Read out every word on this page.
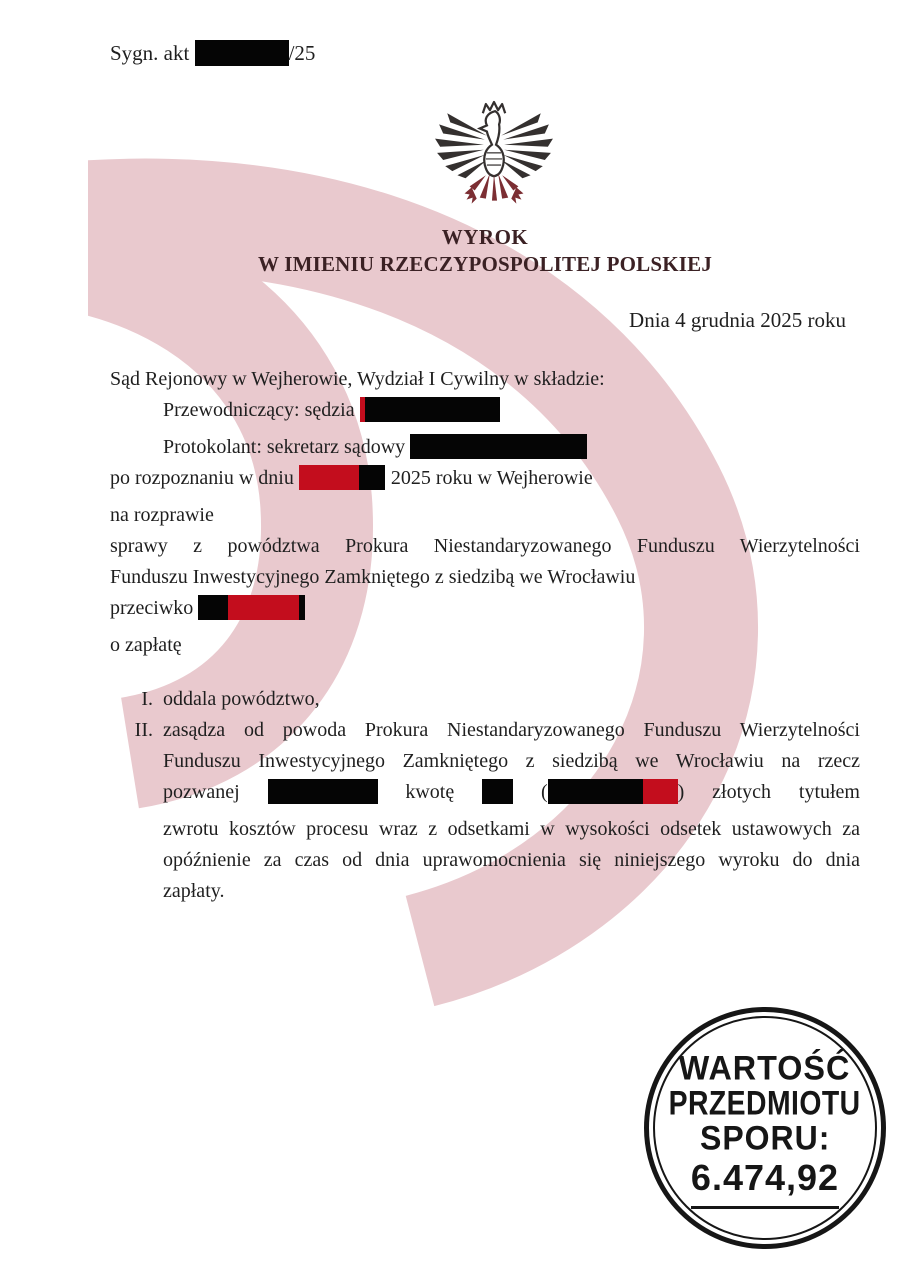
Sygn. akt	/25
WYROK
W IMIENIU RZECZYPOSPOLITEJ POLSKIEJ
Dnia 4 grudnia 2025 roku
Sąd Rejonowy w Wejherowie, Wydział I Cywilny w składzie:
Przewodniczący: sędzia
Protokolant: sekretarz sądowy
po rozpoznaniu w dniu	2025 roku w Wejherowie
na rozprawie
sprawy z powództwa Prokura Niestandaryzowanego Funduszu Wierzytelności
Funduszu Inwestycyjnego Zamkniętego z siedzibą we Wrocławiu
przeciwko
o zapłatę
I. oddala powództwo,
II. zasądza od powoda Prokura Niestandaryzowanego Funduszu Wierzytelności
Funduszu Inwestycyjnego Zamkniętego z siedzibą we Wrocławiu na rzecz
pozwanej	kwotę	(	) złotych tytułem
zwrotu kosztów procesu wraz z odsetkami w wysokości odsetek ustawowych za
opóźnienie za czas od dnia uprawomocnienia się niniejszego wyroku do dnia
zapłaty.
WARTOŚĆ
PRZEDMIOTU
SPORU:
6.474,92
